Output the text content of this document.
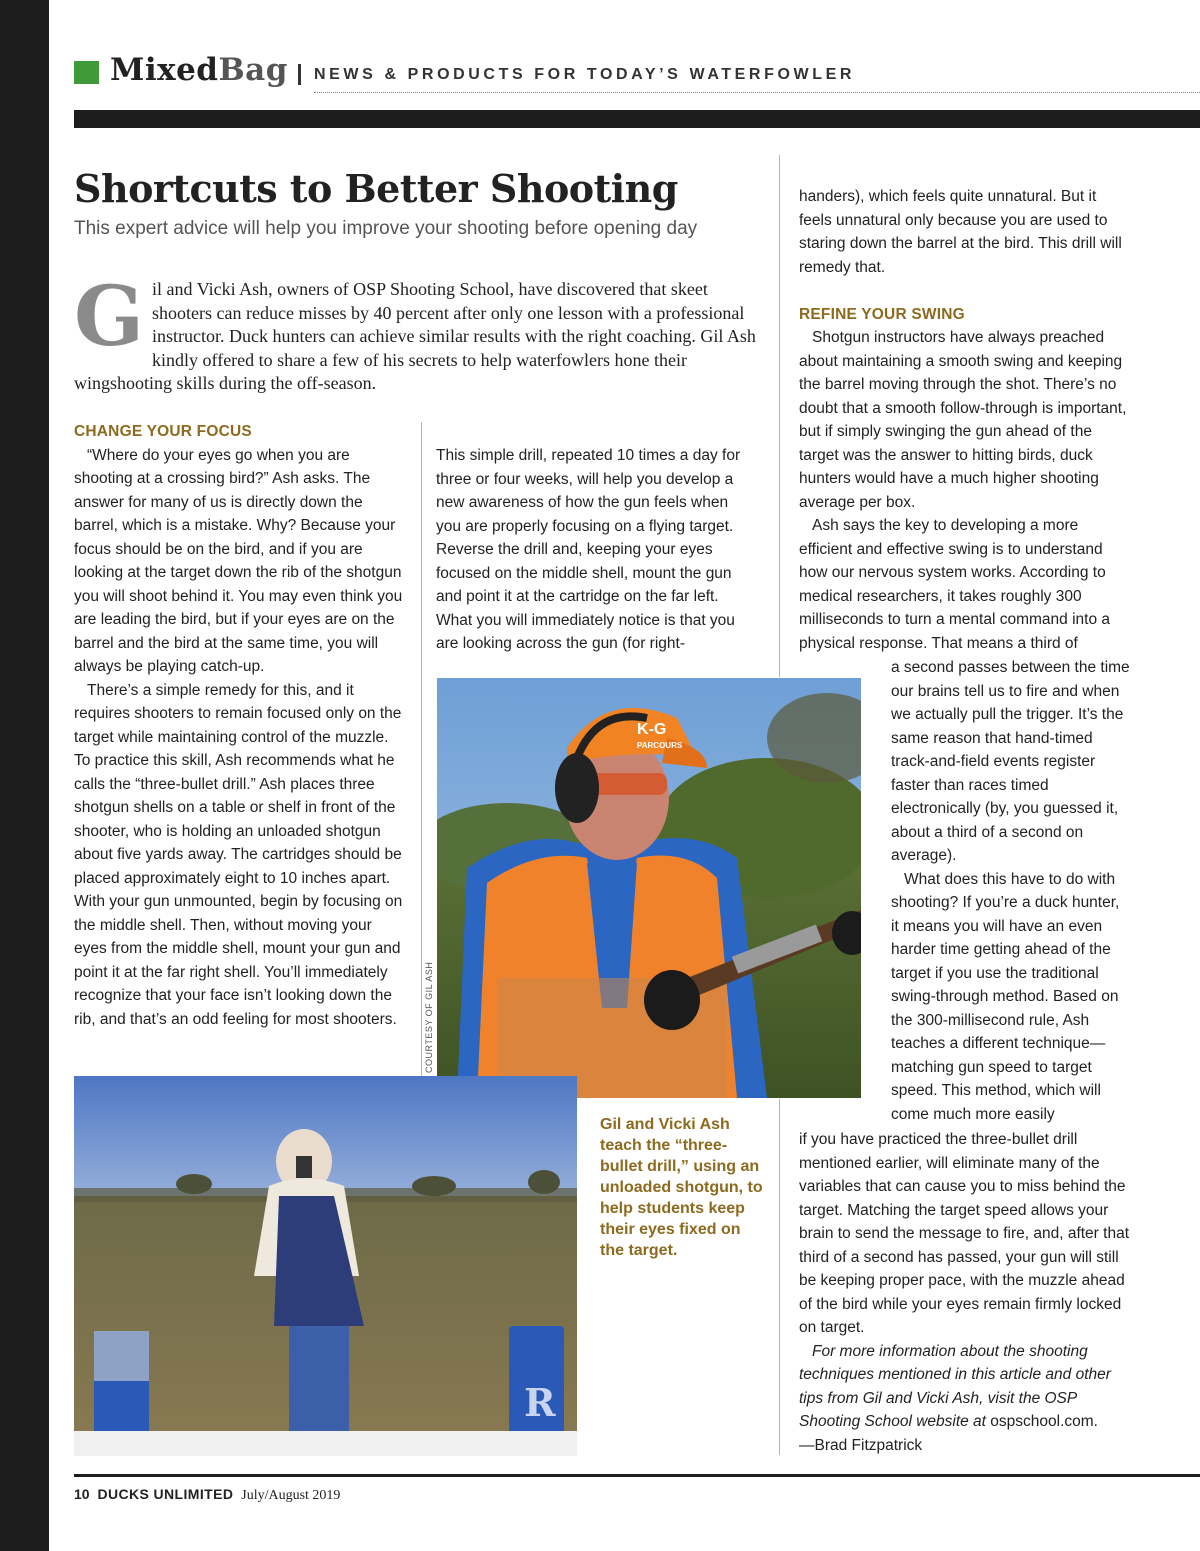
MixedBag NEWS & PRODUCTS FOR TODAY’S WATERFOWLER
Shortcuts to Better Shooting
This expert advice will help you improve your shooting before opening day
Gil and Vicki Ash, owners of OSP Shooting School, have discovered that skeet shooters can reduce misses by 40 percent after only one lesson with a professional instructor. Duck hunters can achieve similar results with the right coaching. Gil Ash kindly offered to share a few of his secrets to help waterfowlers hone their wingshooting skills during the off-season.
CHANGE YOUR FOCUS

“Where do your eyes go when you are shooting at a crossing bird?” Ash asks. The answer for many of us is directly down the barrel, which is a mistake. Why? Because your focus should be on the bird, and if you are looking at the target down the rib of the shotgun you will shoot behind it. You may even think you are leading the bird, but if your eyes are on the barrel and the bird at the same time, you will always be playing catch-up.

There’s a simple remedy for this, and it requires shooters to remain focused only on the target while maintaining control of the muzzle. To practice this skill, Ash recommends what he calls the “three-bullet drill.” Ash places three shotgun shells on a table or shelf in front of the shooter, who is holding an unloaded shotgun about five yards away. The cartridges should be placed approximately eight to 10 inches apart. With your gun unmounted, begin by focusing on the middle shell. Then, without moving your eyes from the middle shell, mount your gun and point it at the far right shell. You’ll immediately recognize that your face isn’t looking down the rib, and that’s an odd feeling for most shooters.

This simple drill, repeated 10 times a day for three or four weeks, will help you develop a new awareness of how the gun feels when you are properly focusing on a flying target. Reverse the drill and, keeping your eyes focused on the middle shell, mount the gun and point it at the cartridge on the far left. What you will immediately notice is that you are looking across the gun (for right-

handers), which feels quite unnatural. But it feels unnatural only because you are used to staring down the barrel at the bird. This drill will remedy that.

REFINE YOUR SWING

Shotgun instructors have always preached about maintaining a smooth swing and keeping the barrel moving through the shot. There’s no doubt that a smooth follow-through is important, but if simply swinging the gun ahead of the target was the answer to hitting birds, duck hunters would have a much higher shooting average per box.

Ash says the key to developing a more efficient and effective swing is to understand how our nervous system works. According to medical researchers, it takes roughly 300 milliseconds to turn a mental command into a physical response. That means a third of

a second passes between the time our brains tell us to fire and when we actually pull the trigger. It’s the same reason that hand-timed track-and-field events register faster than races timed electronically (by, you guessed it, about a third of a second on average).

What does this have to do with shooting? If you’re a duck hunter, it means you will have an even harder time getting ahead of the target if you use the traditional swing-through method. Based on the 300-millisecond rule, Ash teaches a different technique—matching gun speed to target speed. This method, which will come much more easily

if you have practiced the three-bullet drill mentioned earlier, will eliminate many of the variables that can cause you to miss behind the target. Matching the target speed allows your brain to send the message to fire, and, after that third of a second has passed, your gun will still be keeping proper pace, with the muzzle ahead of the bird while your eyes remain firmly locked on target.

For more information about the shooting techniques mentioned in this article and other tips from Gil and Vicki Ash, visit the OSP Shooting School website at ospschool.com.

—Brad Fitzpatrick

K-G
PARCOURS
COURTESY OF GIL ASH
R
Gil and Vicki Ash teach the “three-bullet drill,” using an unloaded shotgun, to help students keep their eyes fixed on the target.
10 DUCKS UNLIMITED July/August 2019
